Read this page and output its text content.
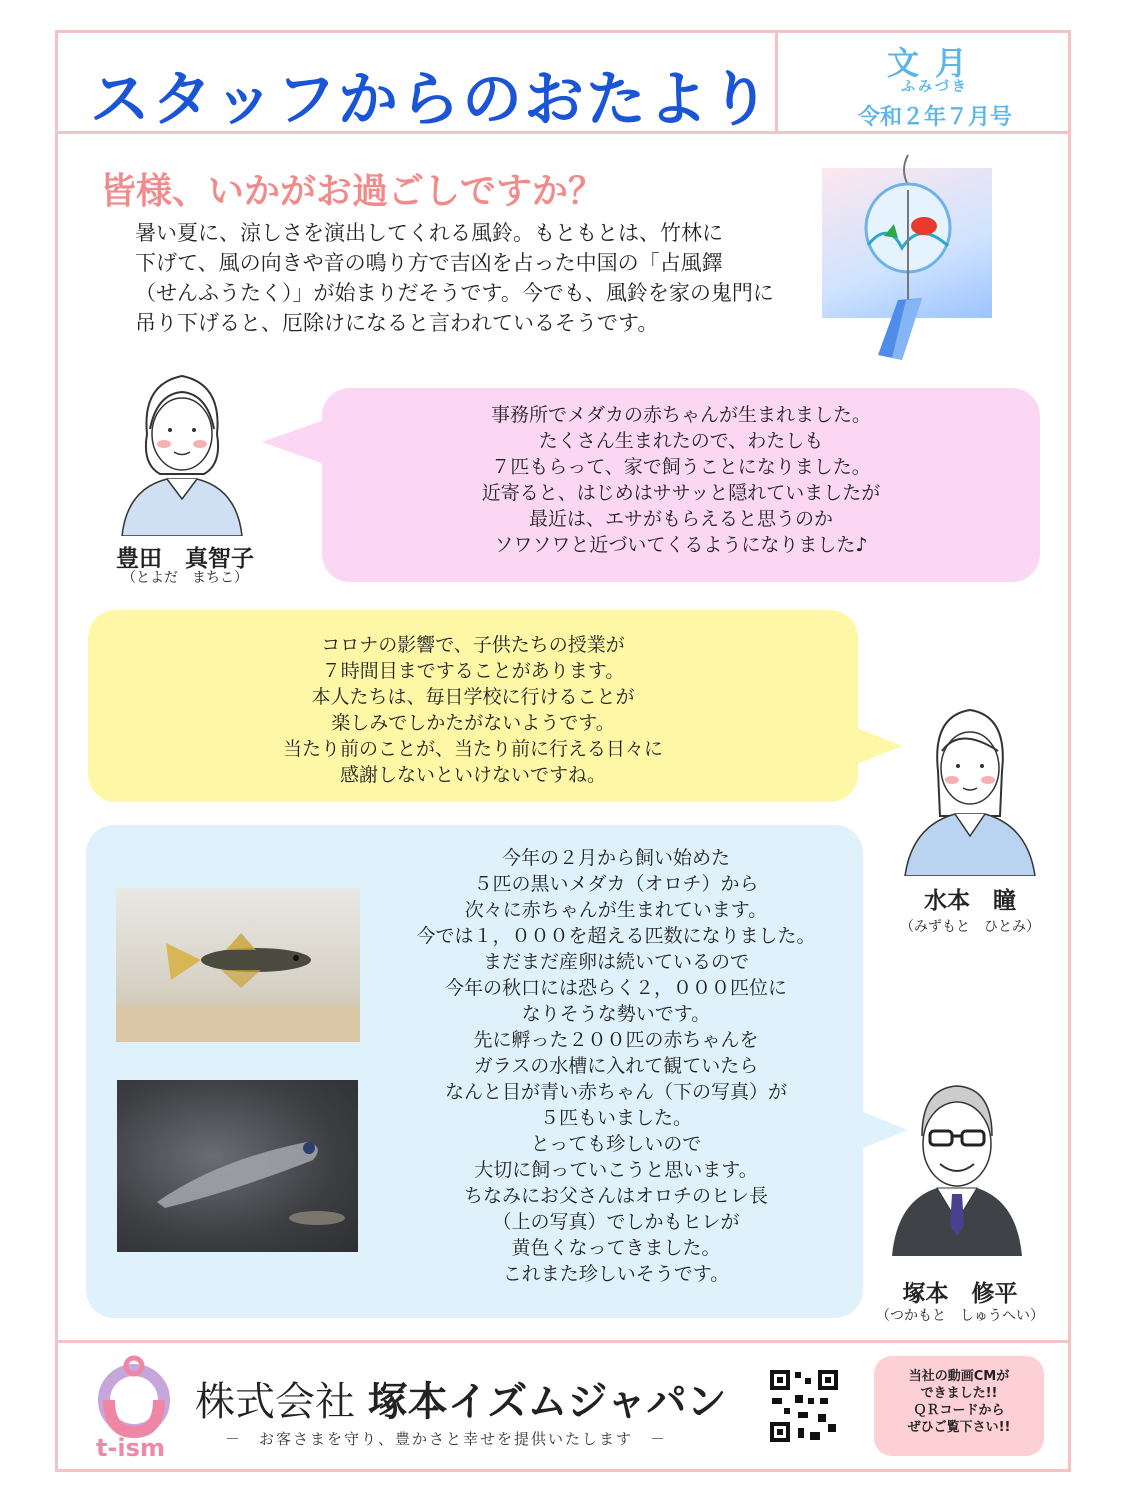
スタッフからのおたより
文月
ふみづき
令和２年７月号
皆様、いかがお過ごしですか？
暑い夏に、涼しさを演出してくれる風鈴。もともとは、竹林に
下げて、風の向きや音の鳴り方で吉凶を占った中国の「占風鐸
（せんふうたく）」が始まりだそうです。今でも、風鈴を家の鬼門に
吊り下げると、厄除けになると言われているそうです。
豊田　真智子
（とよだ　まちこ）
事務所でメダカの赤ちゃんが生まれました。
たくさん生まれたので、わたしも
７匹もらって、家で飼うことになりました。
近寄ると、はじめはササッと隠れていましたが
最近は、エサがもらえると思うのか
ソワソワと近づいてくるようになりました♪
コロナの影響で、子供たちの授業が
７時間目まですることがあります。
本人たちは、毎日学校に行けることが
楽しみでしかたがないようです。
当たり前のことが、当たり前に行える日々に
感謝しないといけないですね。
水本　瞳
（みずもと　ひとみ）
今年の２月から飼い始めた
５匹の黒いメダカ（オロチ）から
次々に赤ちゃんが生まれています。
今では１，０００を超える匹数になりました。
まだまだ産卵は続いているので
今年の秋口には恐らく２，０００匹位に
なりそうな勢いです。
先に孵った２００匹の赤ちゃんを
ガラスの水槽に入れて観ていたら
なんと目が青い赤ちゃん（下の写真）が
５匹もいました。
とっても珍しいので
大切に飼っていこうと思います。
ちなみにお父さんはオロチのヒレ長
（上の写真）でしかもヒレが
黄色くなってきました。
これまた珍しいそうです。
塚本　修平
（つかもと　しゅうへい）
t-ism
株式会社 塚本イズムジャパン
－　お客さまを守り、豊かさと幸せを提供いたします　－
当社の動画CMが
できました!!
ＱＲコードから
ぜひご覧下さい!!
